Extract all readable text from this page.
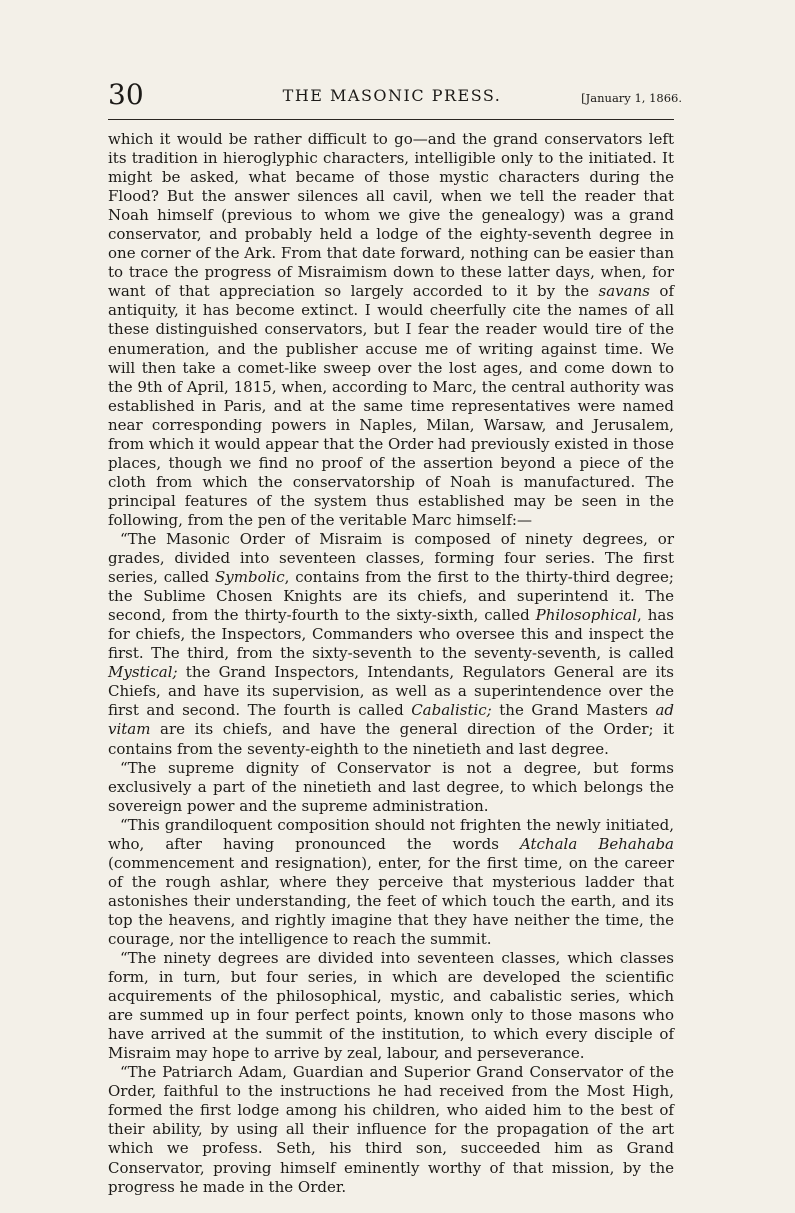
30	THE MASONIC PRESS.	[January 1, 1866.

which it would be rather difficult to go—and the grand conservators left its tradition in hieroglyphic characters, intelligible only to the initiated. It might be asked, what became of those mystic characters during the Flood? But the answer silences all cavil, when we tell the reader that Noah himself (previous to whom we give the genealogy) was a grand conservator, and probably held a lodge of the eighty-seventh degree in one corner of the Ark. From that date forward, nothing can be easier than to trace the progress of Misraimism down to these latter days, when, for want of that appreciation so largely accorded to it by the savans of antiquity, it has become extinct. I would cheerfully cite the names of all these distinguished conservators, but I fear the reader would tire of the enumeration, and the publisher accuse me of writing against time. We will then take a comet-like sweep over the lost ages, and come down to the 9th of April, 1815, when, according to Marc, the central authority was established in Paris, and at the same time representatives were named near corresponding powers in Naples, Milan, Warsaw, and Jerusalem, from which it would appear that the Order had previously existed in those places, though we find no proof of the assertion beyond a piece of the cloth from which the conservatorship of Noah is manufactured. The principal features of the system thus established may be seen in the following, from the pen of the veritable Marc himself:—

“The Masonic Order of Misraim is composed of ninety degrees, or grades, divided into seventeen classes, forming four series. The first series, called Symbolic, contains from the first to the thirty-third degree; the Sublime Chosen Knights are its chiefs, and superintend it. The second, from the thirty-fourth to the sixty-sixth, called Philosophical, has for chiefs, the Inspectors, Commanders who oversee this and inspect the first. The third, from the sixty-seventh to the seventy-seventh, is called Mystical; the Grand Inspectors, Intendants, Regulators General are its Chiefs, and have its supervision, as well as a superintendence over the first and second. The fourth is called Cabalistic; the Grand Masters ad vitam are its chiefs, and have the general direction of the Order; it contains from the seventy-eighth to the ninetieth and last degree.

“The supreme dignity of Conservator is not a degree, but forms exclusively a part of the ninetieth and last degree, to which belongs the sovereign power and the supreme administration.

“This grandiloquent composition should not frighten the newly initiated, who, after having pronounced the words Atchala Behahaba (commencement and resignation), enter, for the first time, on the career of the rough ashlar, where they perceive that mysterious ladder that astonishes their understanding, the feet of which touch the earth, and its top the heavens, and rightly imagine that they have neither the time, the courage, nor the intelligence to reach the summit.

“The ninety degrees are divided into seventeen classes, which classes form, in turn, but four series, in which are developed the scientific acquirements of the philosophical, mystic, and cabalistic series, which are summed up in four perfect points, known only to those masons who have arrived at the summit of the institution, to which every disciple of Misraim may hope to arrive by zeal, labour, and perseverance.

“The Patriarch Adam, Guardian and Superior Grand Conservator of the Order, faithful to the instructions he had received from the Most High, formed the first lodge among his children, who aided him to the best of their ability, by using all their influence for the propagation of the art which we profess. Seth, his third son, succeeded him as Grand Conservator, proving himself eminently worthy of that mission, by the progress he made in the Order.
